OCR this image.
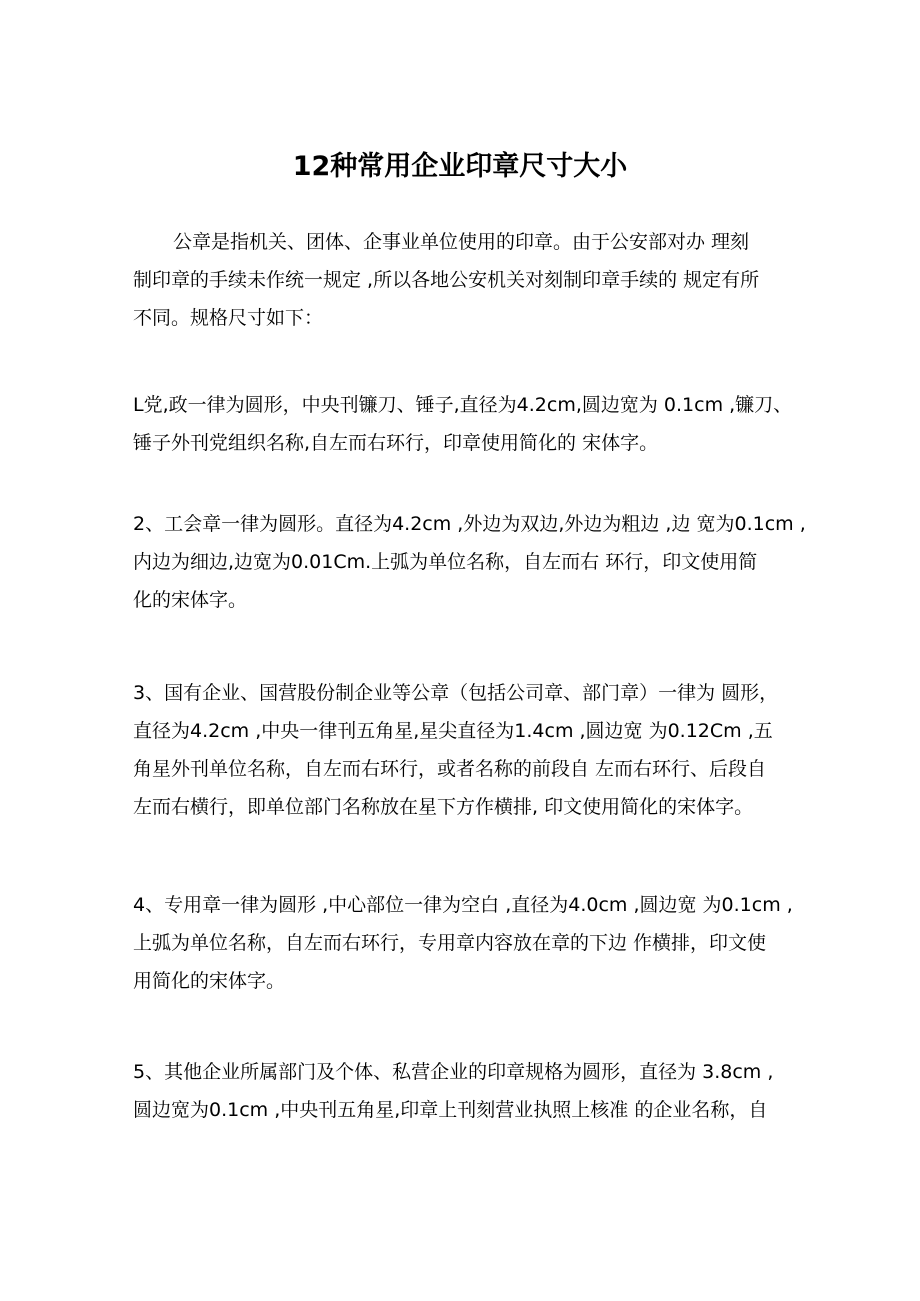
12种常用企业印章尺寸大小
公章是指机关、团体、企事业单位使用的印章。由于公安部对办 理刻
制印章的手续未作统一规定 ,所以各地公安机关对刻制印章手续的 规定有所
不同。规格尺寸如下：
L党,政一律为圆形，中央刊镰刀、锤子,直径为4.2cm,圆边宽为 0.1cm ,镰刀、
锤子外刊党组织名称,自左而右环行，印章使用简化的 宋体字。
2、工会章一律为圆形。直径为4.2cm ,外边为双边,外边为粗边 ,边 宽为0.1cm ,
内边为细边,边宽为0.01Cm.上弧为单位名称，自左而右 环行，印文使用简
化的宋体字。
3、国有企业、国营股份制企业等公章（包括公司章、部门章）一律为 圆形，
直径为4.2cm ,中央一律刊五角星,星尖直径为1.4cm ,圆边宽 为0.12Cm ,五
角星外刊单位名称，自左而右环行，或者名称的前段自 左而右环行、后段自
左而右横行，即单位部门名称放在星下方作横排, 印文使用简化的宋体字。
4、专用章一律为圆形 ,中心部位一律为空白 ,直径为4.0cm ,圆边宽 为0.1cm ,
上弧为单位名称，自左而右环行，专用章内容放在章的下边 作横排，印文使
用简化的宋体字。
5、其他企业所属部门及个体、私营企业的印章规格为圆形，直径为 3.8cm ,
圆边宽为0.1cm ,中央刊五角星,印章上刊刻营业执照上核准 的企业名称，自
